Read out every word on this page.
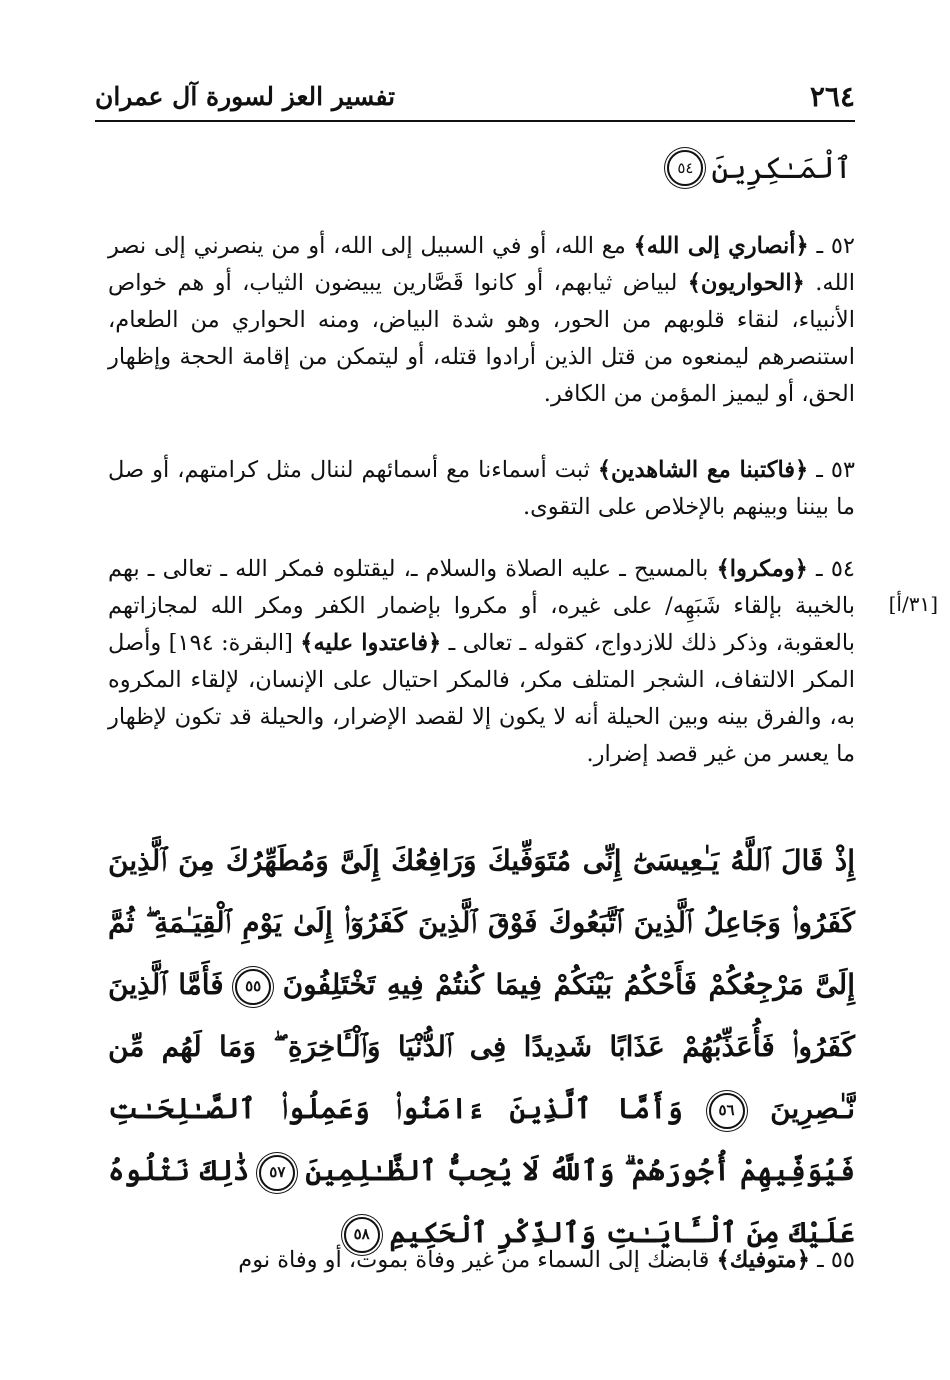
٢٦٤
تفسير العز لسورة آل عمران
ٱلْمَـٰكِرِينَ
٥٤

٥٢ ـ ﴿أنصاري إلى الله﴾ مع الله، أو في السبيل إلى الله، أو من ينصرني إلى نصر الله. ﴿الحواريون﴾ لبياض ثيابهم، أو كانوا قَصَّارين يبيضون الثياب، أو هم خواص الأنبياء، لنقاء قلوبهم من الحور، وهو شدة البياض، ومنه الحواري من الطعام، استنصرهم ليمنعوه من قتل الذين أرادوا قتله، أو ليتمكن من إقامة الحجة وإظهار الحق، أو ليميز المؤمن من الكافر.

٥٣ ـ ﴿فاكتبنا مع الشاهدين﴾ ثبت أسماءنا مع أسمائهم لننال مثل كرامتهم، أو صل ما بيننا وبينهم بالإخلاص على التقوى.

[٣١/أ]

٥٤ ـ ﴿ومكروا﴾ بالمسيح ـ عليه الصلاة والسلام ـ، ليقتلوه فمكر الله ـ تعالى ـ بهم بالخيبة بإلقاء شَبَهِه/ على غيره، أو مكروا بإضمار الكفر ومكر الله لمجازاتهم بالعقوبة، وذكر ذلك للازدواج، كقوله ـ تعالى ـ ﴿فاعتدوا عليه﴾ [البقرة: ١٩٤] وأصل المكر الالتفاف، الشجر المتلف مكر، فالمكر احتيال على الإنسان، لإلقاء المكروه به، والفرق بينه وبين الحيلة أنه لا يكون إلا لقصد الإضرار، والحيلة قد تكون لإظهار ما يعسر من غير قصد إضرار.

إِذْ قَالَ ٱللَّهُ يَـٰعِيسَىٰٓ إِنِّى مُتَوَفِّيكَ وَرَافِعُكَ إِلَىَّ وَمُطَهِّرُكَ مِنَ ٱلَّذِينَ كَفَرُوا۟ وَجَاعِلُ ٱلَّذِينَ ٱتَّبَعُوكَ فَوْقَ ٱلَّذِينَ كَفَرُوٓا۟ إِلَىٰ يَوْمِ ٱلْقِيَـٰمَةِ ۖ ثُمَّ إِلَىَّ مَرْجِعُكُمْ فَأَحْكُمُ بَيْنَكُمْ فِيمَا كُنتُمْ فِيهِ تَخْتَلِفُونَ ٥٥ فَأَمَّا ٱلَّذِينَ كَفَرُوا۟ فَأُعَذِّبُهُمْ عَذَابًا شَدِيدًا فِى ٱلدُّنْيَا وَٱلْـَٔاخِرَةِ ۖ وَمَا لَهُم مِّن نَّـٰصِرِينَ ٥٦ وَأَمَّا ٱلَّذِينَ ءَامَنُوا۟ وَعَمِلُوا۟ ٱلصَّـٰلِحَـٰتِ فَيُوَفِّيهِمْ أُجُورَهُمْ ۗ وَٱللَّهُ لَا يُحِبُّ ٱلظَّـٰلِمِينَ ٥٧ ذَٰلِكَ نَتْلُوهُ عَلَيْكَ مِنَ ٱلْـَٔايَـٰتِ وَٱلذِّكْرِ ٱلْحَكِيمِ ٥٨

٥٥ ـ ﴿متوفيك﴾ قابضك إلى السماء من غير وفاة بموت، أو وفاة نوم
